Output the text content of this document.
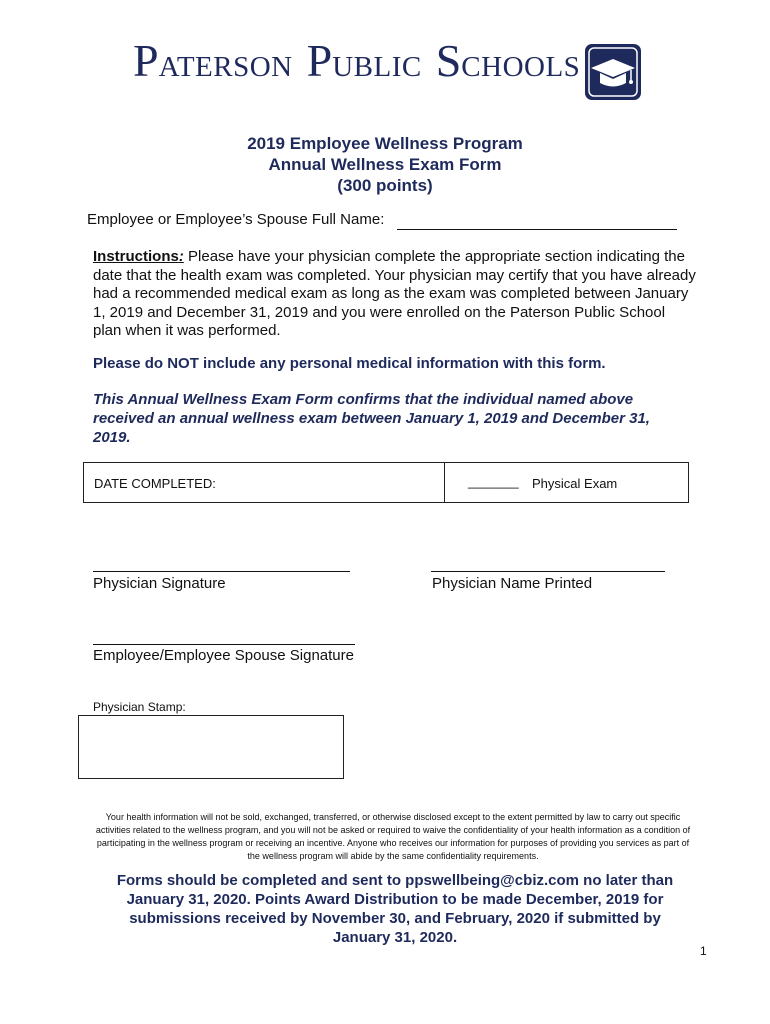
PATERSON PUBLIC SCHOOLS
2019 Employee Wellness Program
Annual Wellness Exam Form
(300 points)
Employee or Employee’s Spouse Full Name:
Instructions: Please have your physician complete the appropriate section indicating the date that the health exam was completed. Your physician may certify that you have already had a recommended medical exam as long as the exam was completed between January 1, 2019 and December 31, 2019 and you were enrolled on the Paterson Public School plan when it was performed.
Please do NOT include any personal medical information with this form.
This Annual Wellness Exam Form confirms that the individual named above received an annual wellness exam between January 1, 2019 and December 31, 2019.
DATE COMPLETED:	_______ Physical Exam
Physician Signature	Physician Name Printed
Employee/Employee Spouse Signature
Physician Stamp:
Your health information will not be sold, exchanged, transferred, or otherwise disclosed except to the extent permitted by law to carry out specific activities related to the wellness program, and you will not be asked or required to waive the confidentiality of your health information as a condition of participating in the wellness program or receiving an incentive. Anyone who receives our information for purposes of providing you services as part of the wellness program will abide by the same confidentiality requirements.
Forms should be completed and sent to ppswellbeing@cbiz.com no later than January 31, 2020. Points Award Distribution to be made December, 2019 for submissions received by November 30, and February, 2020 if submitted by January 31, 2020.
1
